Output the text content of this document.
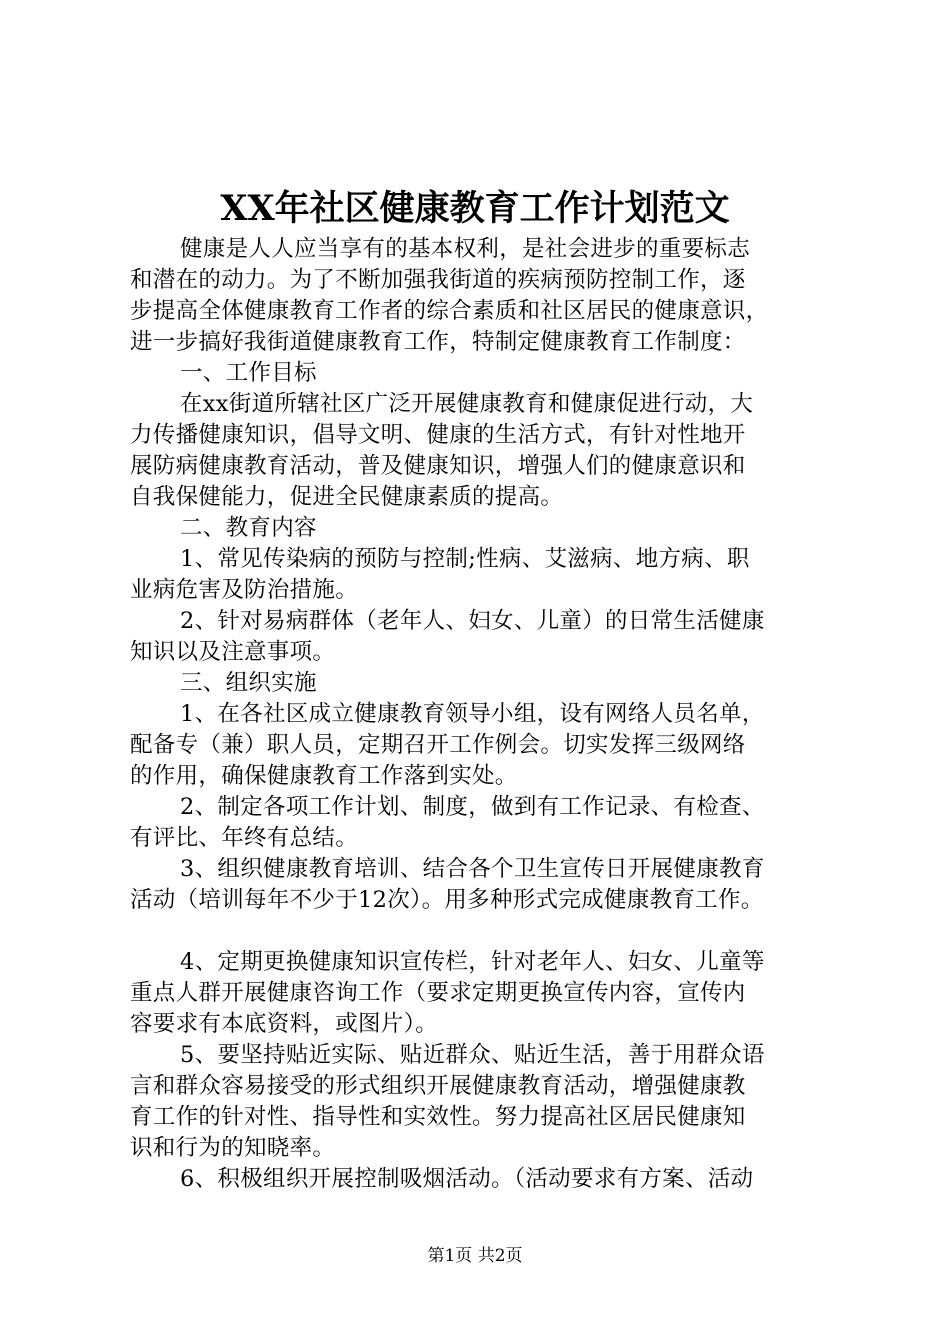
XX年社区健康教育工作计划范文
健康是人人应当享有的基本权利，是社会进步的重要标志
和潜在的动力。为了不断加强我街道的疾病预防控制工作，逐
步提高全体健康教育工作者的综合素质和社区居民的健康意识，
进一步搞好我街道健康教育工作，特制定健康教育工作制度：
一、工作目标
在xx街道所辖社区广泛开展健康教育和健康促进行动，大
力传播健康知识，倡导文明、健康的生活方式，有针对性地开
展防病健康教育活动，普及健康知识，增强人们的健康意识和
自我保健能力，促进全民健康素质的提高。
二、教育内容
1、常见传染病的预防与控制;性病、艾滋病、地方病、职
业病危害及防治措施。
2、针对易病群体（老年人、妇女、儿童）的日常生活健康
知识以及注意事项。
三、组织实施
1、在各社区成立健康教育领导小组，设有网络人员名单，
配备专（兼）职人员，定期召开工作例会。切实发挥三级网络
的作用，确保健康教育工作落到实处。
2、制定各项工作计划、制度，做到有工作记录、有检查、
有评比、年终有总结。
3、组织健康教育培训、结合各个卫生宣传日开展健康教育
活动（培训每年不少于12次）。用多种形式完成健康教育工作。
4、定期更换健康知识宣传栏，针对老年人、妇女、儿童等
重点人群开展健康咨询工作（要求定期更换宣传内容，宣传内
容要求有本底资料，或图片）。
5、要坚持贴近实际、贴近群众、贴近生活，善于用群众语
言和群众容易接受的形式组织开展健康教育活动，增强健康教
育工作的针对性、指导性和实效性。努力提高社区居民健康知
识和行为的知晓率。
6、积极组织开展控制吸烟活动。（活动要求有方案、活动
第1页 共2页
